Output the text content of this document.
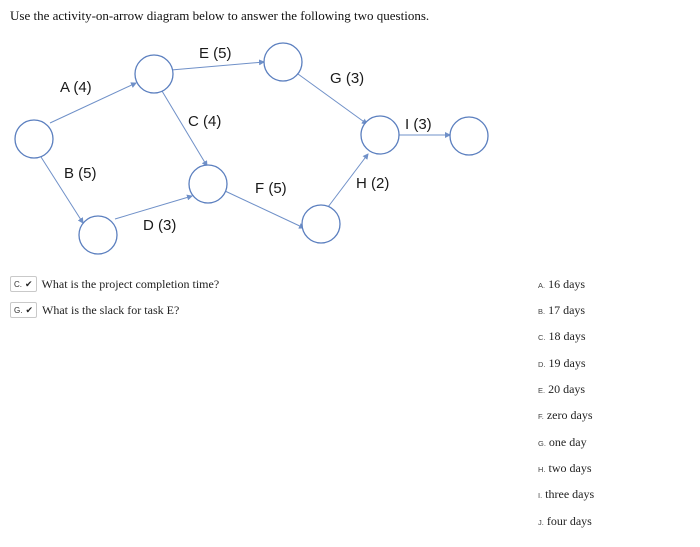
Use the activity-on-arrow diagram below to answer the following two questions.
A (4)
B (5)
C (4)
D (3)
E (5)
F (5)
G (3)
H (2)
I (3)
C. ✔ What is the project completion time?
G. ✔ What is the slack for task E?
A. 16 days
B. 17 days
C. 18 days
D. 19 days
E. 20 days
F. zero days
G. one day
H. two days
I. three days
J. four days
